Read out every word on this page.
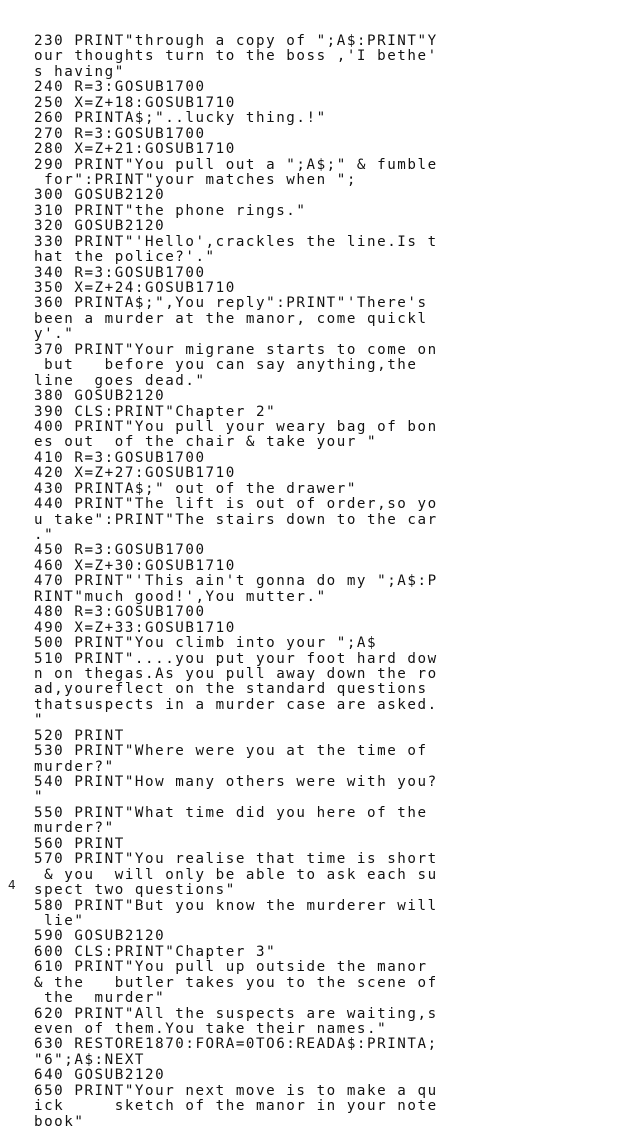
230 PRINT"through a copy of ";A$:PRINT"Y
our thoughts turn to the boss ,'I bethe'
s having"
240 R=3:GOSUB1700
250 X=Z+18:GOSUB1710
260 PRINTA$;"..lucky thing.!"
270 R=3:GOSUB1700
280 X=Z+21:GOSUB1710
290 PRINT"You pull out a ";A$;" & fumble
for":PRINT"your matches when ";
300 GOSUB2120
310 PRINT"the phone rings."
320 GOSUB2120
330 PRINT"'Hello',crackles the line.Is t
hat the police?'."
340 R=3:GOSUB1700
350 X=Z+24:GOSUB1710
360 PRINTA$;",You reply":PRINT"'There's
been a murder at the manor, come quickl
y'."
370 PRINT"Your migrane starts to come on
but   before you can say anything,the
line  goes dead."
380 GOSUB2120
390 CLS:PRINT"Chapter 2"
400 PRINT"You pull your weary bag of bon
es out  of the chair & take your "
410 R=3:GOSUB1700
420 X=Z+27:GOSUB1710
430 PRINTA$;" out of the drawer"
440 PRINT"The lift is out of order,so yo
u take":PRINT"The stairs down to the car
."
450 R=3:GOSUB1700
460 X=Z+30:GOSUB1710
470 PRINT"'This ain't gonna do my ";A$:P
RINT"much good!',You mutter."
480 R=3:GOSUB1700
490 X=Z+33:GOSUB1710
500 PRINT"You climb into your ";A$
510 PRINT"....you put your foot hard dow
n on thegas.As you pull away down the ro
ad,youreflect on the standard questions
thatsuspects in a murder case are asked.
"
520 PRINT
530 PRINT"Where were you at the time of
murder?"
540 PRINT"How many others were with you?
"
550 PRINT"What time did you here of the
murder?"
560 PRINT
570 PRINT"You realise that time is short
& you  will only be able to ask each su
spect two questions"
580 PRINT"But you know the murderer will
lie"
590 GOSUB2120
600 CLS:PRINT"Chapter 3"
610 PRINT"You pull up outside the manor
& the   butler takes you to the scene of
the  murder"
620 PRINT"All the suspects are waiting,s
even of them.You take their names."
630 RESTORE1870:FORA=0TO6:READA$:PRINTA;
"6";A$:NEXT
640 GOSUB2120
650 PRINT"Your next move is to make a qu
ick     sketch of the manor in your note
book"
4
